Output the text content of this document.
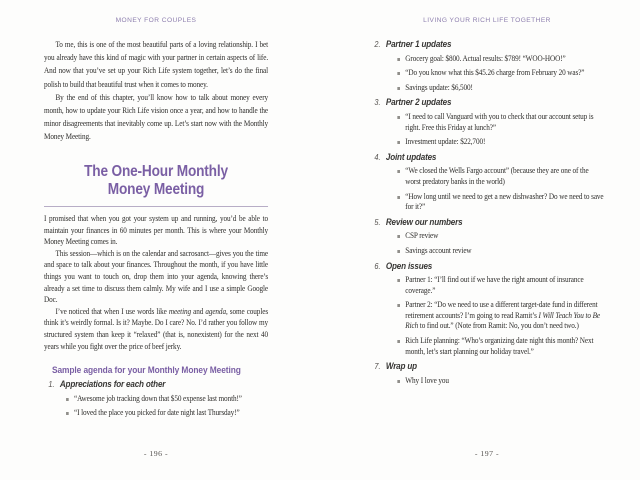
MONEY FOR COUPLES

To me, this is one of the most beautiful parts of a loving relationship. I bet you already have this kind of magic with your partner in certain aspects of life. And now that you’ve set up your Rich Life system together, let’s do the final polish to build that beautiful trust when it comes to money.

By the end of this chapter, you’ll know how to talk about money every month, how to update your Rich Life vision once a year, and how to handle the minor disagreements that inevitably come up. Let’s start now with the Monthly Money Meeting.

The One-Hour Monthly
Money Meeting

I promised that when you got your system up and running, you’d be able to maintain your finances in 60 minutes per month. This is where your Monthly Money Meeting comes in.

This session—which is on the calendar and sacrosanct—gives you the time and space to talk about your finances. Throughout the month, if you have little things you want to touch on, drop them into your agenda, knowing there’s already a set time to discuss them calmly. My wife and I use a simple Google Doc.

I’ve noticed that when I use words like meeting and agenda, some couples think it’s weirdly formal. Is it? Maybe. Do I care? No. I’d rather you follow my structured system than keep it “relaxed” (that is, nonexistent) for the next 40 years while you fight over the price of beef jerky.

Sample agenda for your Monthly Money Meeting
1. Appreciations for each other
“Awesome job tracking down that $50 expense last month!”
“I loved the place you picked for date night last Thursday!”
- 196 -
LIVING YOUR RICH LIFE TOGETHER
2. Partner 1 updates
Grocery goal: $800. Actual results: $789! “WOO-HOO!”
“Do you know what this $45.26 charge from February 20 was?”
Savings update: $6,500!
3. Partner 2 updates
“I need to call Vanguard with you to check that our account setup is right. Free this Friday at lunch?”
Investment update: $22,700!
4. Joint updates
“We closed the Wells Fargo account” (because they are one of the worst predatory banks in the world)
“How long until we need to get a new dishwasher? Do we need to save for it?”
5. Review our numbers
CSP review
Savings account review
6. Open issues
Partner 1: “I’ll find out if we have the right amount of insurance coverage.”
Partner 2: “Do we need to use a different target-date fund in different retirement accounts? I’m going to read Ramit’s I Will Teach You to Be Rich to find out.” (Note from Ramit: No, you don’t need two.)
Rich Life planning: “Who’s organizing date night this month? Next month, let’s start planning our holiday travel.”
7. Wrap up
Why I love you
- 197 -
